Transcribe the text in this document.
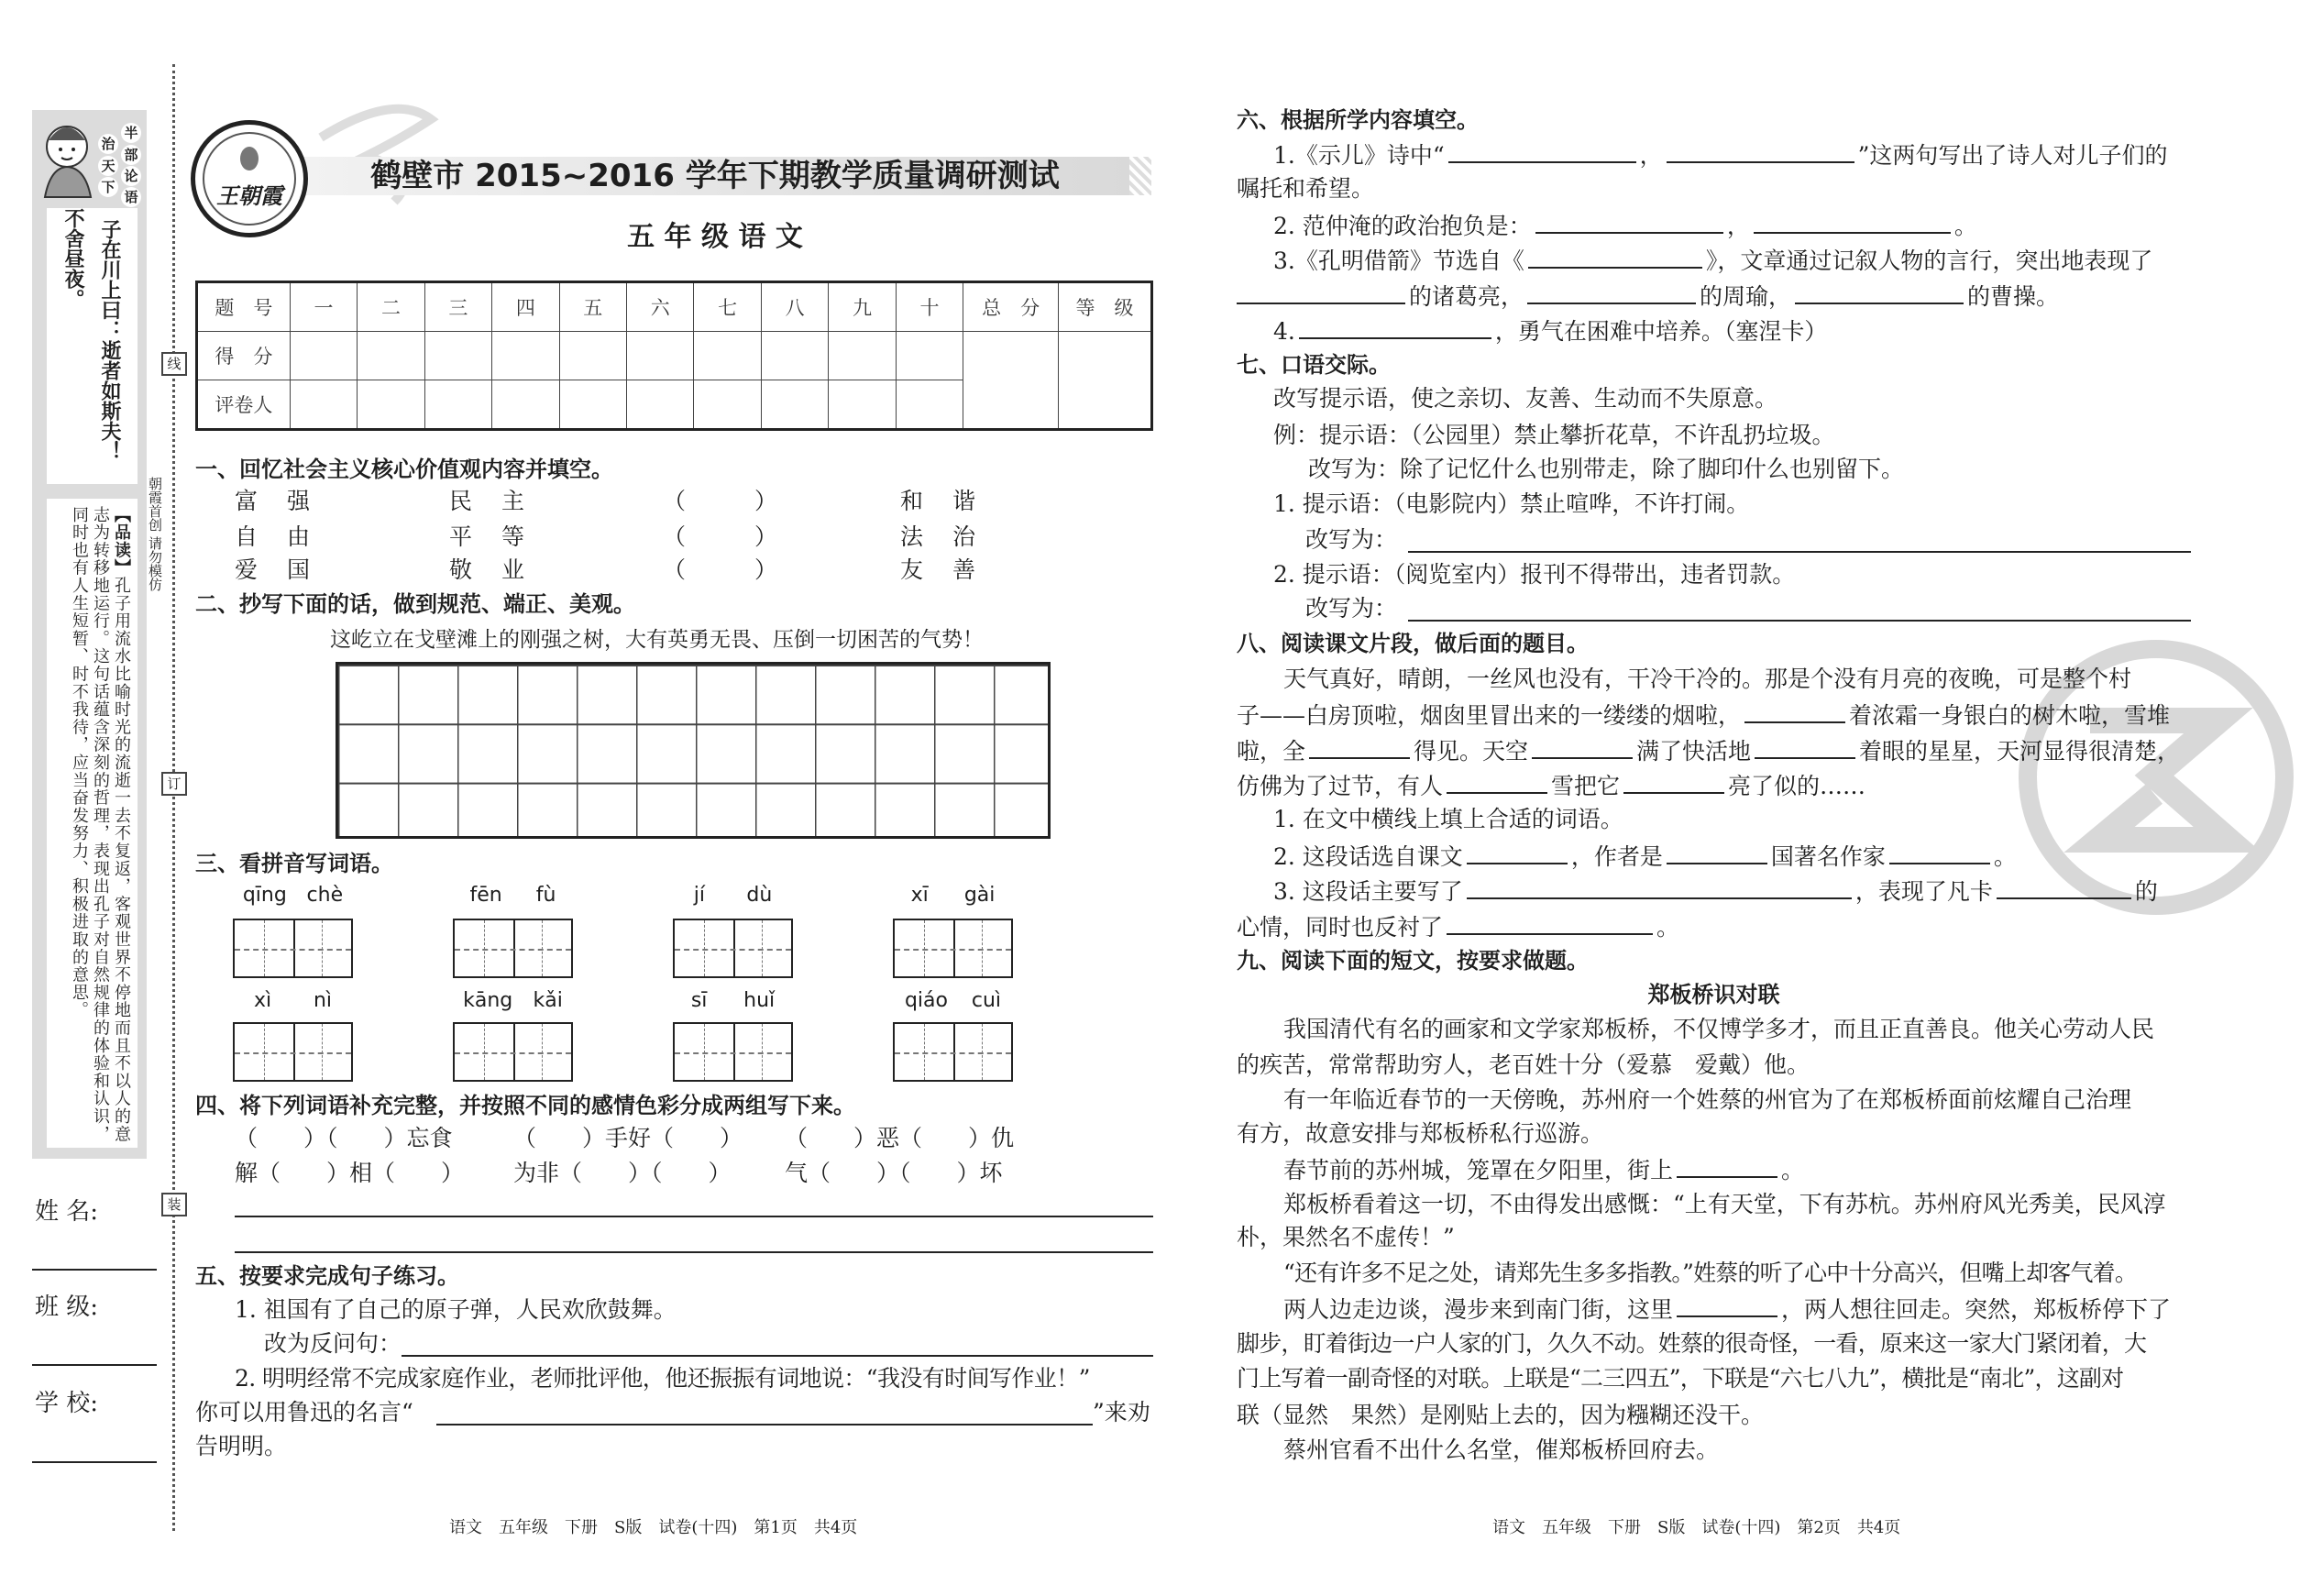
半
部
论
语
治
天
下
子在川上曰：逝者如斯夫！
不舍昼夜。
【品读】孔子用流水比喻时光的流逝一去不复返，客观世界不停地而且不以人的意志为转移地运行。这句话蕴含深刻的哲理，表现出孔子对自然规律的体验和认识，同时也有人生短暂、时不我待，应当奋发努力、积极进取的意思。
姓 名:
班 级:
学 校:
线
订
装
朝霞首创 请勿模仿
王朝霞
鹤壁市 2015~2016 学年下期教学质量调研测试
五 年 级 语 文
题　号	一	二	三	四	五	六	七	八	九	十	总　分	等　级
得　分												
评卷人												
一、回忆社会主义核心价值观内容并填空。
富强	民主	（　　　）	和谐
自由	平等	（　　　）	法治
爱国	敬业	（　　　）	友善
二、抄写下面的话，做到规范、端正、美观。
这屹立在戈壁滩上的刚强之树，大有英勇无畏、压倒一切困苦的气势！
三、看拼音写词语。
qīng chè	fēn fù	jí dù	xī gài
xì nì	kāng kǎi	sī huǐ	qiáo cuì
四、将下列词语补充完整，并按照不同的感情色彩分成两组写下来。
（　　）（　　）忘食	（　　）手好（　　） （　　）恶（　　）仇
解（　　）相（　　） 为非（　　）（　　） 气（　　）（　　）坏
五、按要求完成句子练习。
1. 祖国有了自己的原子弹，人民欢欣鼓舞。
改为反问句：
2. 明明经常不完成家庭作业，老师批评他，他还振振有词地说：“我没有时间写作业！”
你可以用鲁迅的名言“	”来劝
告明明。
语文　五年级　下册　S版　试卷(十四)　第1页　共4页
六、根据所学内容填空。
1.《示儿》诗中“	，	”这两句写出了诗人对儿子们的
嘱托和希望。
2. 范仲淹的政治抱负是：	，	。
3.《孔明借箭》节选自《	》，文章通过记叙人物的言行，突出地表现了
的诸葛亮，	的周瑜，	的曹操。
4.	，勇气在困难中培养。（塞涅卡）
七、口语交际。
改写提示语，使之亲切、友善、生动而不失原意。
例：提示语：（公园里）禁止攀折花草，不许乱扔垃圾。
改写为：除了记忆什么也别带走，除了脚印什么也别留下。
1. 提示语：（电影院内）禁止喧哗，不许打闹。
改写为：
2. 提示语：（阅览室内）报刊不得带出，违者罚款。
改写为：
八、阅读课文片段，做后面的题目。
天气真好，晴朗，一丝风也没有，干冷干冷的。那是个没有月亮的夜晚，可是整个村
子——白房顶啦，烟囱里冒出来的一缕缕的烟啦，	着浓霜一身银白的树木啦，雪堆
啦，全	得见。天空	满了快活地	着眼的星星，天河显得很清楚，
仿佛为了过节，有人	雪把它	亮了似的……
1. 在文中横线上填上合适的词语。
2. 这段话选自课文	，作者是	国著名作家	。
3. 这段话主要写了	，表现了凡卡	的
心情，同时也反衬了	。
九、阅读下面的短文，按要求做题。
郑板桥识对联
我国清代有名的画家和文学家郑板桥，不仅博学多才，而且正直善良。他关心劳动人民
的疾苦，常常帮助穷人，老百姓十分（爱慕　爱戴）他。
有一年临近春节的一天傍晚，苏州府一个姓蔡的州官为了在郑板桥面前炫耀自己治理
有方，故意安排与郑板桥私行巡游。
春节前的苏州城，笼罩在夕阳里，街上	。
郑板桥看着这一切，不由得发出感慨：“上有天堂，下有苏杭。苏州府风光秀美，民风淳
朴，果然名不虚传！”
“还有许多不足之处，请郑先生多多指教。”姓蔡的听了心中十分高兴，但嘴上却客气着。
两人边走边谈，漫步来到南门街，这里	，两人想往回走。突然，郑板桥停下了
脚步，盯着街边一户人家的门，久久不动。姓蔡的很奇怪，一看，原来这一家大门紧闭着，大
门上写着一副奇怪的对联。上联是“二三四五”，下联是“六七八九”，横批是“南北”，这副对
联（显然　果然）是刚贴上去的，因为糨糊还没干。
蔡州官看不出什么名堂，催郑板桥回府去。
语文　五年级　下册　S版　试卷(十四)　第2页　共4页
